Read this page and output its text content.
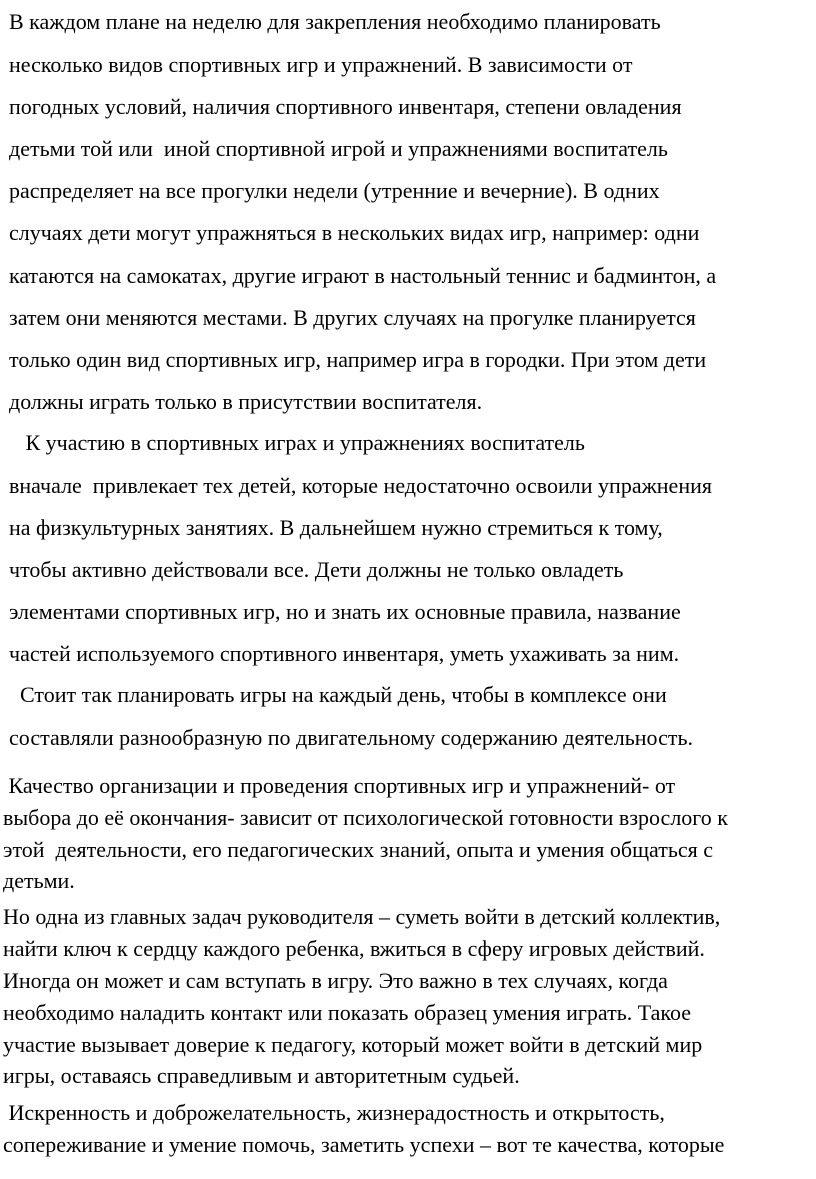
В каждом плане на неделю для закрепления необходимо планировать
несколько видов спортивных игр и упражнений. В зависимости от
погодных условий, наличия спортивного инвентаря, степени овладения
детьми той или  иной спортивной игрой и упражнениями воспитатель
распределяет на все прогулки недели (утренние и вечерние). В одних
случаях дети могут упражняться в нескольких видах игр, например: одни
катаются на самокатах, другие играют в настольный теннис и бадминтон, а
затем они меняются местами. В других случаях на прогулке планируется
только один вид спортивных игр, например игра в городки. При этом дети
должны играть только в присутствии воспитателя.
К участию в спортивных играх и упражнениях воспитатель
вначале  привлекает тех детей, которые недостаточно освоили упражнения
на физкультурных занятиях. В дальнейшем нужно стремиться к тому,
чтобы активно действовали все. Дети должны не только овладеть
элементами спортивных игр, но и знать их основные правила, название
частей используемого спортивного инвентаря, уметь ухаживать за ним.
Стоит так планировать игры на каждый день, чтобы в комплексе они
составляли разнообразную по двигательному содержанию деятельность.
Качество организации и проведения спортивных игр и упражнений- от
выбора до её окончания- зависит от психологической готовности взрослого к
этой  деятельности, его педагогических знаний, опыта и умения общаться с
детьми.
Но одна из главных задач руководителя – суметь войти в детский коллектив,
найти ключ к сердцу каждого ребенка, вжиться в сферу игровых действий.
Иногда он может и сам вступать в игру. Это важно в тех случаях, когда
необходимо наладить контакт или показать образец умения играть. Такое
участие вызывает доверие к педагогу, который может войти в детский мир
игры, оставаясь справедливым и авторитетным судьей.
Искренность и доброжелательность, жизнерадостность и открытость,
сопереживание и умение помочь, заметить успехи – вот те качества, которые
